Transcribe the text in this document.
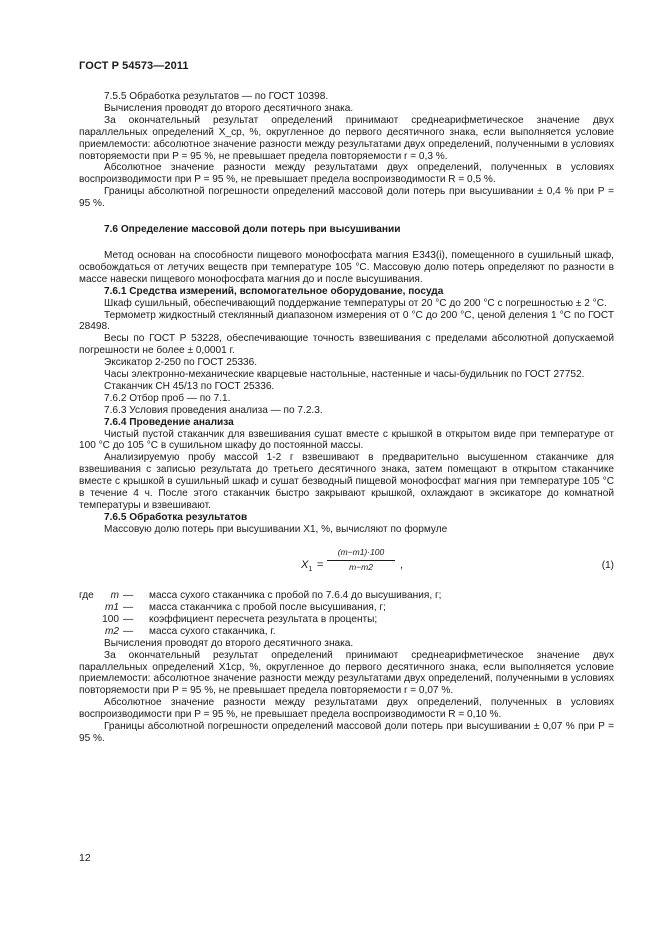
ГОСТ Р 54573—2011

7.5.5 Обработка результатов — по ГОСТ 10398.

Вычисления проводят до второго десятичного знака.

За окончательный результат определений принимают среднеарифметическое значение двух параллельных определений X_ср, %, округленное до первого десятичного знака, если выполняется условие приемлемости: абсолютное значение разности между результатами двух определений, полученными в условиях повторяемости при P = 95 %, не превышает предела повторяемости r = 0,3 %.

Абсолютное значение разности между результатами двух определений, полученных в условиях воспроизводимости при P = 95 %, не превышает предела воспроизводимости R = 0,5 %.

Границы абсолютной погрешности определений массовой доли потерь при высушивании ± 0,4 % при P = 95 %.

7.6 Определение массовой доли потерь при высушивании

Метод основан на способности пищевого монофосфата магния Е343(i), помещенного в сушильный шкаф, освобождаться от летучих веществ при температуре 105 °С. Массовую долю потерь определяют по разности в массе навески пищевого монофосфата магния до и после высушивания.

7.6.1 Средства измерений, вспомогательное оборудование, посуда

Шкаф сушильный, обеспечивающий поддержание температуры от 20 °С до 200 °С с погрешностью ± 2 °С.

Термометр жидкостный стеклянный диапазоном измерения от 0 °С до 200 °С, ценой деления 1 °С по ГОСТ 28498.

Весы по ГОСТ Р 53228, обеспечивающие точность взвешивания с пределами абсолютной допускаемой погрешности не более ± 0,0001 г.

Эксикатор 2-250 по ГОСТ 25336.

Часы электронно-механические кварцевые настольные, настенные и часы-будильник по ГОСТ 27752.

Стаканчик СН 45/13 по ГОСТ 25336.

7.6.2 Отбор проб — по 7.1.

7.6.3 Условия проведения анализа — по 7.2.3.

7.6.4 Проведение анализа

Чистый пустой стаканчик для взвешивания сушат вместе с крышкой в открытом виде при температуре от 100 °С до 105 °С в сушильном шкафу до постоянной массы.

Анализируемую пробу массой 1-2 г взвешивают в предварительно высушенном стаканчике для взвешивания с записью результата до третьего десятичного знака, затем помещают в открытом стаканчике вместе с крышкой в сушильный шкаф и сушат безводный пищевой монофосфат магния при температуре 105 °С в течение 4 ч. После этого стаканчик быстро закрывают крышкой, охлаждают в эксикаторе до комнатной температуры и взвешивают.

7.6.5 Обработка результатов

Массовую долю потерь при высушивании X1, %, вычисляют по формуле

$X_1 = \frac{(m-m1)\cdot 100}{m-m2}$ ,	(1)
где	m — масса сухого стаканчика с пробой по 7.6.4 до высушивания, г;
m1 — масса стаканчика с пробой после высушивания, г;
100 — коэффициент пересчета результата в проценты;
m2 — масса сухого стаканчика, г.

Вычисления проводят до второго десятичного знака.

За окончательный результат определений принимают среднеарифметическое значение двух параллельных определений X1ср, %, округленное до первого десятичного знака, если выполняется условие приемлемости: абсолютное значение разности между результатами двух определений, полученными в условиях повторяемости при P = 95 %, не превышает предела повторяемости r = 0,07 %.

Абсолютное значение разности между результатами двух определений, полученных в условиях воспроизводимости при P = 95 %, не превышает предела воспроизводимости R = 0,10 %.

Границы абсолютной погрешности определений массовой доли потерь при высушивании ± 0,07 % при P = 95 %.

12
